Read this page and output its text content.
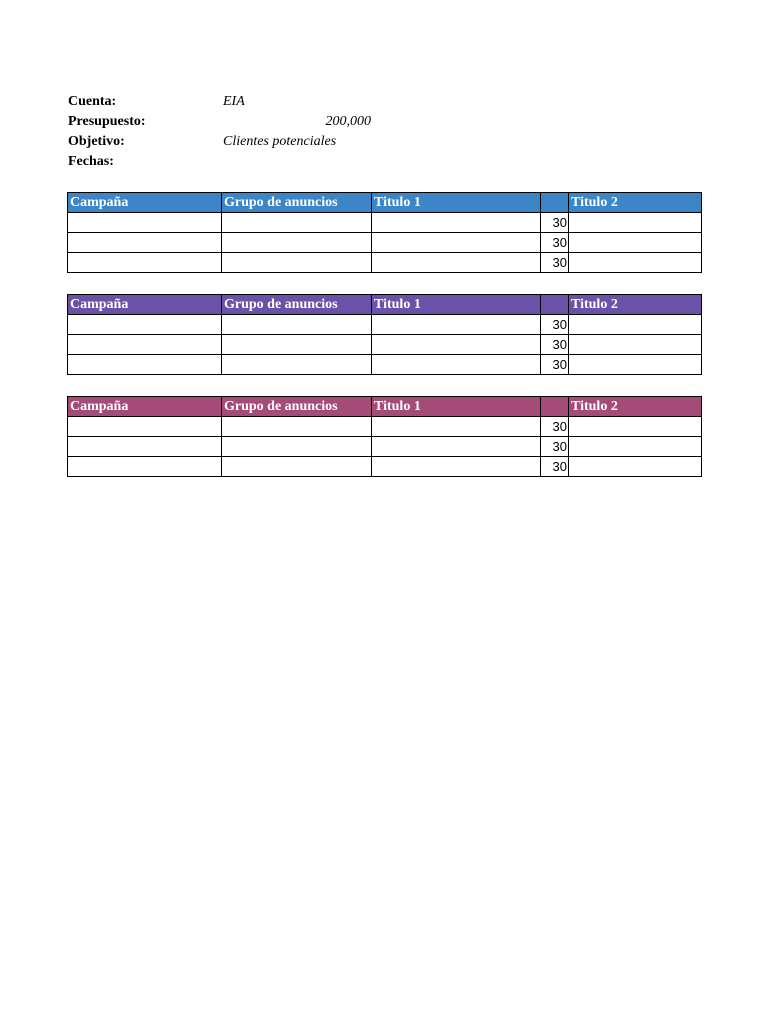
Cuenta:	EIA
Presupuesto:	200,000
Objetivo:	Clientes potenciales
Fechas:
Campaña	Grupo de anuncios	Titulo 1		Titulo 2
			30	
			30	
			30	
Campaña	Grupo de anuncios	Titulo 1		Titulo 2
			30	
			30	
			30	
Campaña	Grupo de anuncios	Titulo 1		Titulo 2
			30	
			30	
			30	
